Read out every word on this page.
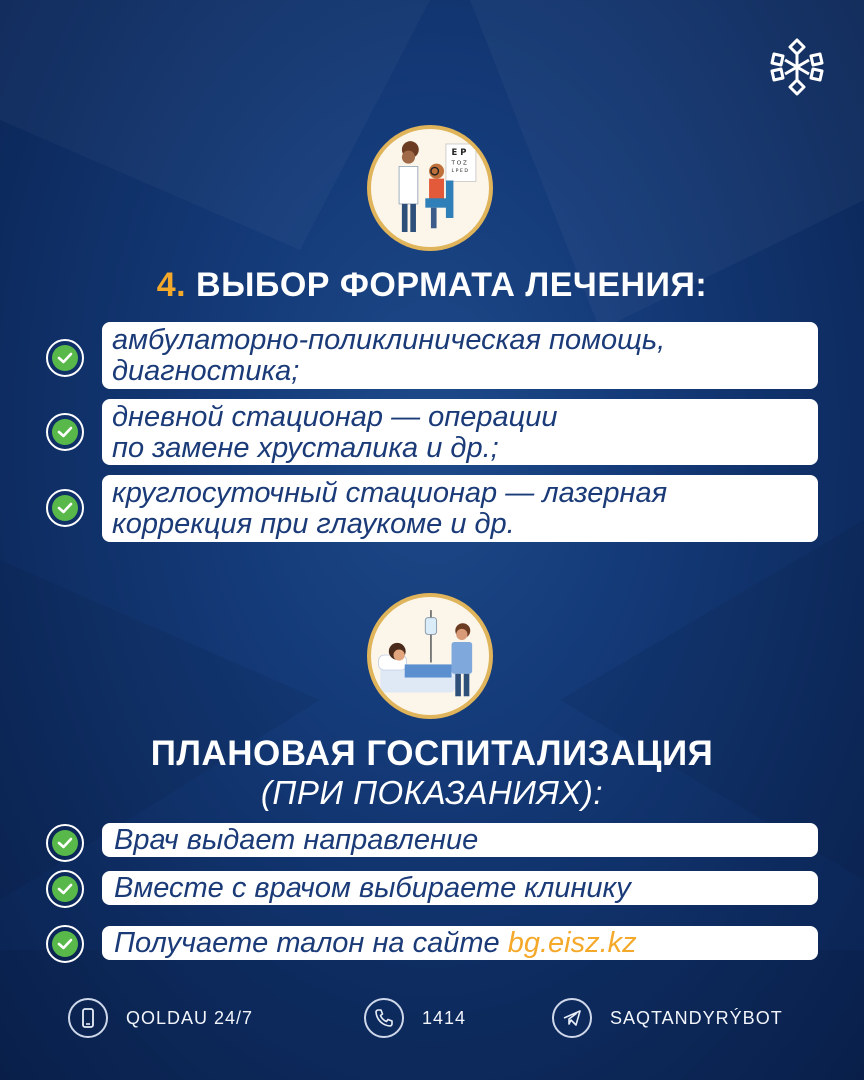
E P
T O Z
L P E D
4. ВЫБОР ФОРМАТА ЛЕЧЕНИЯ:
амбулаторно-поликлиническая помощь,
диагностика;
дневной стационар — операции
по замене хрусталика и др.;
круглосуточный стационар — лазерная
коррекция при глаукоме и др.
ПЛАНОВАЯ ГОСПИТАЛИЗАЦИЯ
(ПРИ ПОКАЗАНИЯХ):
Врач выдает направление
Вместе с врачом выбираете клинику
Получаете талон на сайте bg.eisz.kz
QOLDAU 24/7	1414	SAQTANDYRÝBOT
